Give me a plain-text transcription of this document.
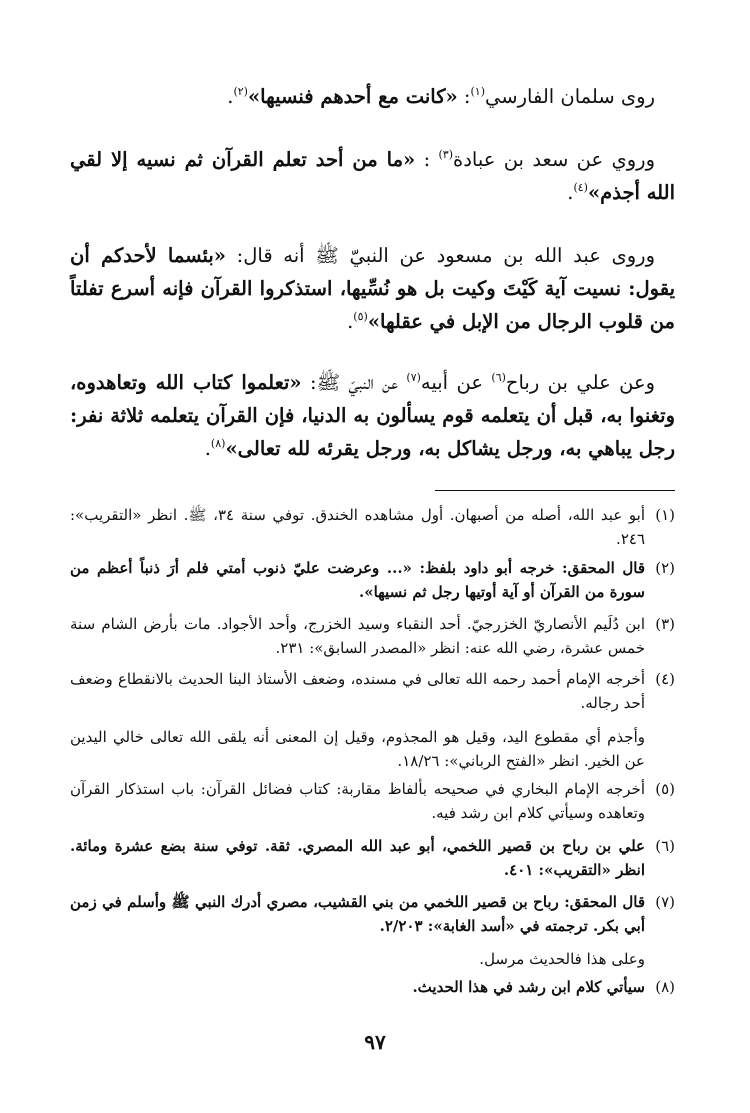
روى سلمان الفارسي$^{(١)}$: «كانت مع أحدهم فنسيها»$^{(٢)}$.
وروي عن سعد بن عبادة$^{(٣)}$ : «ما من أحد تعلم القرآن ثم نسيه إلا لقي الله أجذم»$^{(٤)}$.
وروى عبد الله بن مسعود عن النبيّ ﷺ أنه قال: «بئسما لأحدكم أن يقول: نسيت آية كَيْتَ وكيت بل هو نُسِّيها، استذكروا القرآن فإنه أسرع تفلتاً من قلوب الرجال من الإبل في عقلها»$^{(٥)}$.
وعن علي بن رباح$^{(٦)}$ عن أبيه$^{(٧)}$ عن النبيّ ﷺ: «تعلموا كتاب الله وتعاهدوه، وتغنوا به، قبل أن يتعلمه قوم يسألون به الدنيا، فإن القرآن يتعلمه ثلاثة نفر: رجل يباهي به، ورجل يشاكل به، ورجل يقرئه لله تعالى»$^{(٨)}$.
(١)
أبو عبد الله، أصله من أصبهان. أول مشاهده الخندق. توفي سنة ٣٤، ﷺ. انظر «التقريب»: ٢٤٦.
(٢)
قال المحقق: خرجه أبو داود بلفظ: «... وعرضت عليّ ذنوب أمتي فلم أرَ ذنباً أعظم من سورة من القرآن أو آية أوتيها رجل ثم نسيها».
(٣)
ابن دُلَيم الأنصاريّ الخزرجيّ. أحد النقباء وسيد الخزرج، وأحد الأجواد. مات بأرض الشام سنة خمس عشرة، رضي الله عنه: انظر «المصدر السابق»: ٢٣١.
(٤)
أخرجه الإمام أحمد رحمه الله تعالى في مسنده، وضعف الأستاذ البنا الحديث بالانقطاع وضعف أحد رجاله.
وأجذم أي مقطوع اليد، وقيل هو المجذوم، وقيل إن المعنى أنه يلقى الله تعالى خالي اليدين عن الخير. انظر «الفتح الرباني»: ١٨/٢٦.
(٥)
أخرجه الإمام البخاري في صحيحه بألفاظ مقاربة: كتاب فضائل القرآن: باب استذكار القرآن وتعاهده وسيأتي كلام ابن رشد فيه.
(٦)
علي بن رباح بن قصير اللخمي، أبو عبد الله المصري. ثقة. توفي سنة بضع عشرة ومائة. انظر «التقريب»: ٤٠١.
(٧)
قال المحقق: رباح بن قصير اللخمي من بني القشيب، مصري أدرك النبي ﷺ وأسلم في زمن أبي بكر. ترجمته في «أسد الغابة»: ٢/٢٠٣.
وعلى هذا فالحديث مرسل.
(٨)
سيأتي كلام ابن رشد في هذا الحديث.
٩٧
